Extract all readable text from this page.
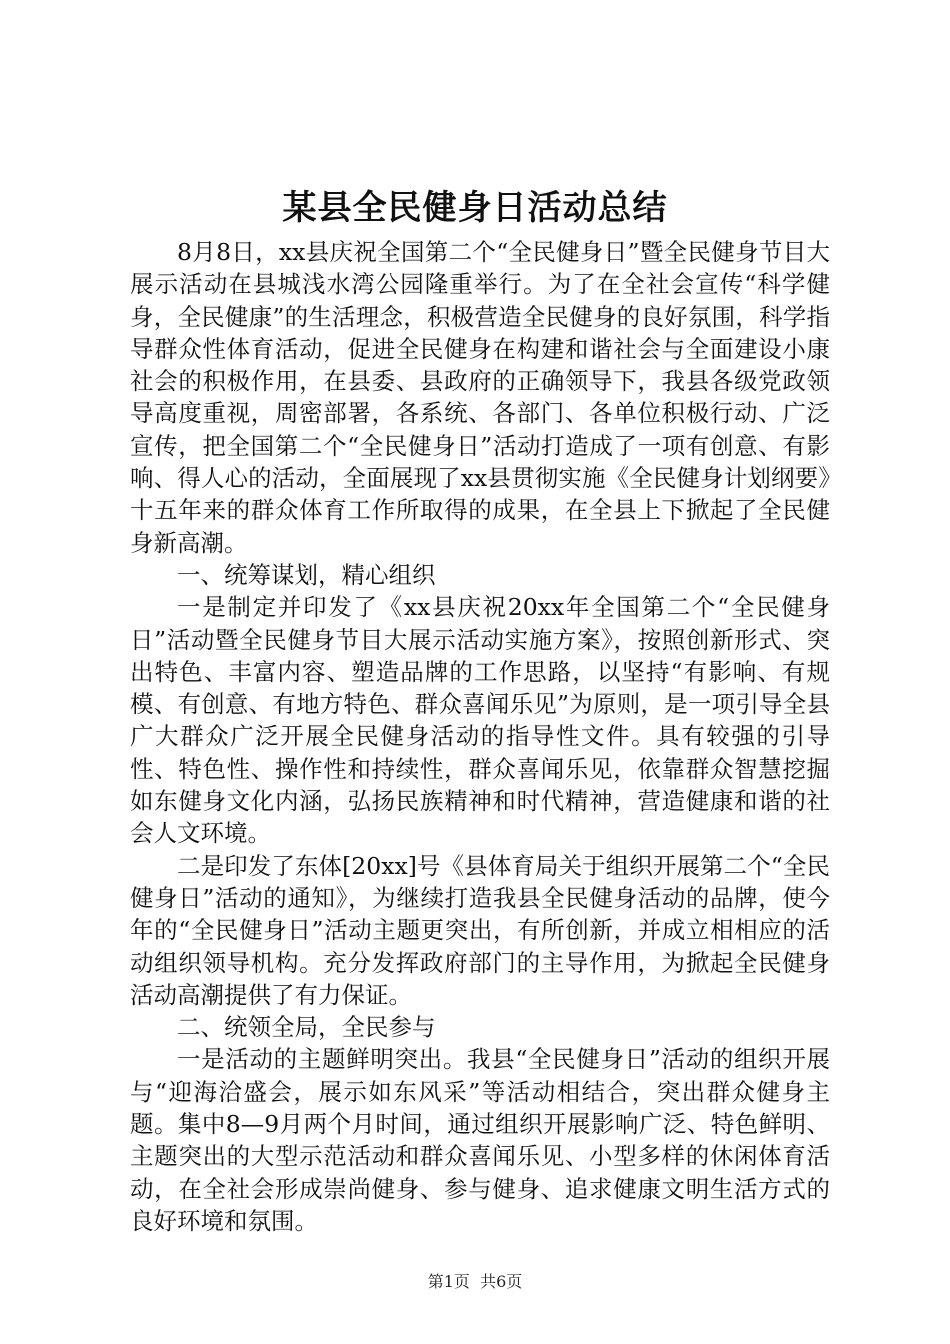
某县全民健身日活动总结

8月8日，xx县庆祝全国第二个“全民健身日”暨全民健身节目大展示活动在县城浅水湾公园隆重举行。为了在全社会宣传“科学健身，全民健康”的生活理念，积极营造全民健身的良好氛围，科学指导群众性体育活动，促进全民健身在构建和谐社会与全面建设小康社会的积极作用，在县委、县政府的正确领导下，我县各级党政领导高度重视，周密部署，各系统、各部门、各单位积极行动、广泛宣传，把全国第二个“全民健身日”活动打造成了一项有创意、有影响、得人心的活动，全面展现了xx县贯彻实施《全民健身计划纲要》十五年来的群众体育工作所取得的成果，在全县上下掀起了全民健身新高潮。

一、统筹谋划，精心组织

一是制定并印发了《xx县庆祝20xx年全国第二个“全民健身日”活动暨全民健身节目大展示活动实施方案》，按照创新形式、突出特色、丰富内容、塑造品牌的工作思路，以坚持“有影响、有规模、有创意、有地方特色、群众喜闻乐见”为原则，是一项引导全县广大群众广泛开展全民健身活动的指导性文件。具有较强的引导性、特色性、操作性和持续性，群众喜闻乐见，依靠群众智慧挖掘如东健身文化内涵，弘扬民族精神和时代精神，营造健康和谐的社会人文环境。

二是印发了东体[20xx]号《县体育局关于组织开展第二个“全民健身日”活动的通知》，为继续打造我县全民健身活动的品牌，使今年的“全民健身日”活动主题更突出，有所创新，并成立相相应的活动组织领导机构。充分发挥政府部门的主导作用，为掀起全民健身活动高潮提供了有力保证。

二、统领全局，全民参与

一是活动的主题鲜明突出。我县“全民健身日”活动的组织开展与“迎海洽盛会，展示如东风采”等活动相结合，突出群众健身主题。集中8—9月两个月时间，通过组织开展影响广泛、特色鲜明、主题突出的大型示范活动和群众喜闻乐见、小型多样的休闲体育活动，在全社会形成崇尚健身、参与健身、追求健康文明生活方式的良好环境和氛围。

第1页 共6页
